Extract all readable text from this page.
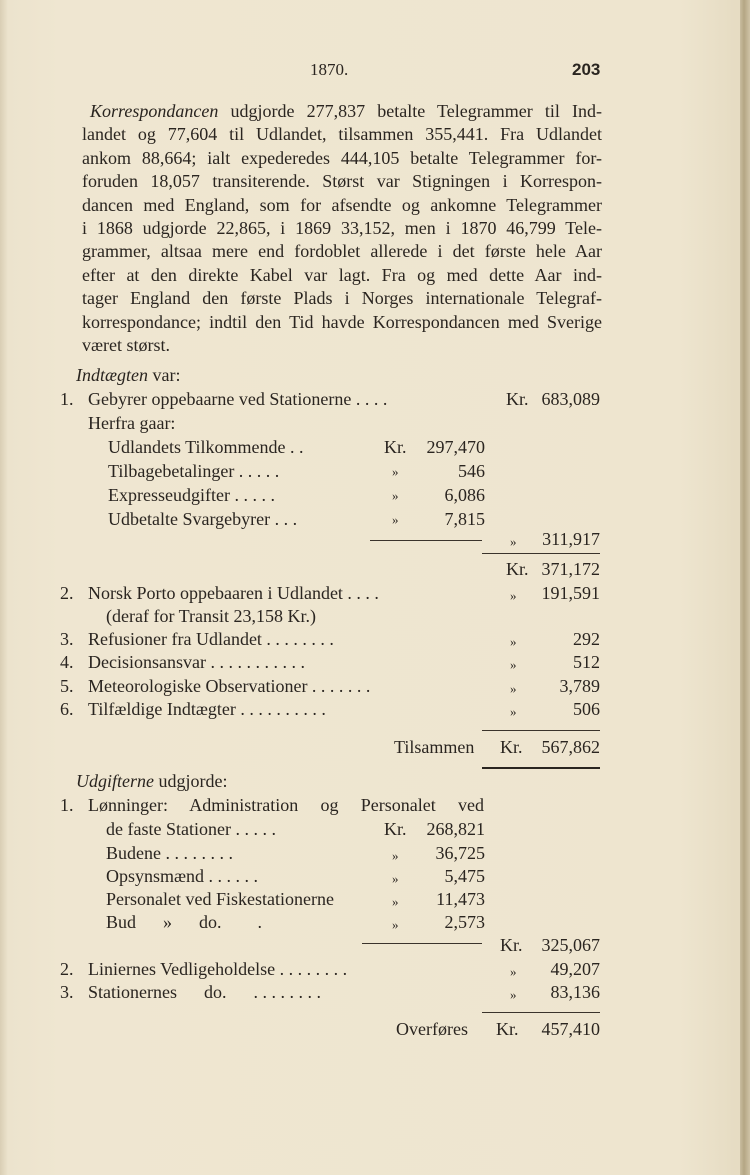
1870.	203
Korrespondancen udgjorde 277,837 betalte Telegrammer til Ind-
landet og 77,604 til Udlandet, tilsammen 355,441. Fra Udlandet
ankom 88,664; ialt expederedes 444,105 betalte Telegrammer for-
foruden 18,057 transiterende. Størst var Stigningen i Korrespon-
dancen med England, som for afsendte og ankomne Telegrammer
i 1868 udgjorde 22,865, i 1869 33,152, men i 1870 46,799 Tele-
grammer, altsaa mere end fordoblet allerede i det første hele Aar
efter at den direkte Kabel var lagt. Fra og med dette Aar ind-
tager England den første Plads i Norges internationale Telegraf-
korrespondance; indtil den Tid havde Korrespondancen med Sverige
været størst.
Indtægten var:
1. Gebyrer oppebaarne ved Stationerne . . . .	Kr. 683,089
Herfra gaar:
Udlandets Tilkommende . .	Kr.	297,470
Tilbagebetalinger . . . . .	»	546
Expresseudgifter . . . . .	»	6,086
Udbetalte Svargebyrer . . .	»	7,815
»	311,917
Kr. 371,172
2. Norsk Porto oppebaaren i Udlandet . . . .	»	191,591
(deraf for Transit 23,158 Kr.)
3. Refusioner fra Udlandet . . . . . . . .	»	292
4. Decisionsansvar . . . . . . . . . . .	»	512
5. Meteorologiske Observationer . . . . . . .	»	3,789
6. Tilfældige Indtægter . . . . . . . . . .	»	506
Tilsammen Kr.	567,862
Udgifterne udgjorde:
1. Lønninger: Administration og Personalet ved
de faste Stationer . . . . .	Kr.	268,821
Budene . . . . . . . .	»	36,725
Opsynsmænd . . . . . .	»	5,475
Personalet ved Fiskestationerne	»	11,473
Bud      »      do.        .	»	2,573
Kr.	325,067
2. Liniernes Vedligeholdelse . . . . . . . .	»	49,207
3. Stationernes      do.      . . . . . . . .	»	83,136
Overføres Kr.	457,410
